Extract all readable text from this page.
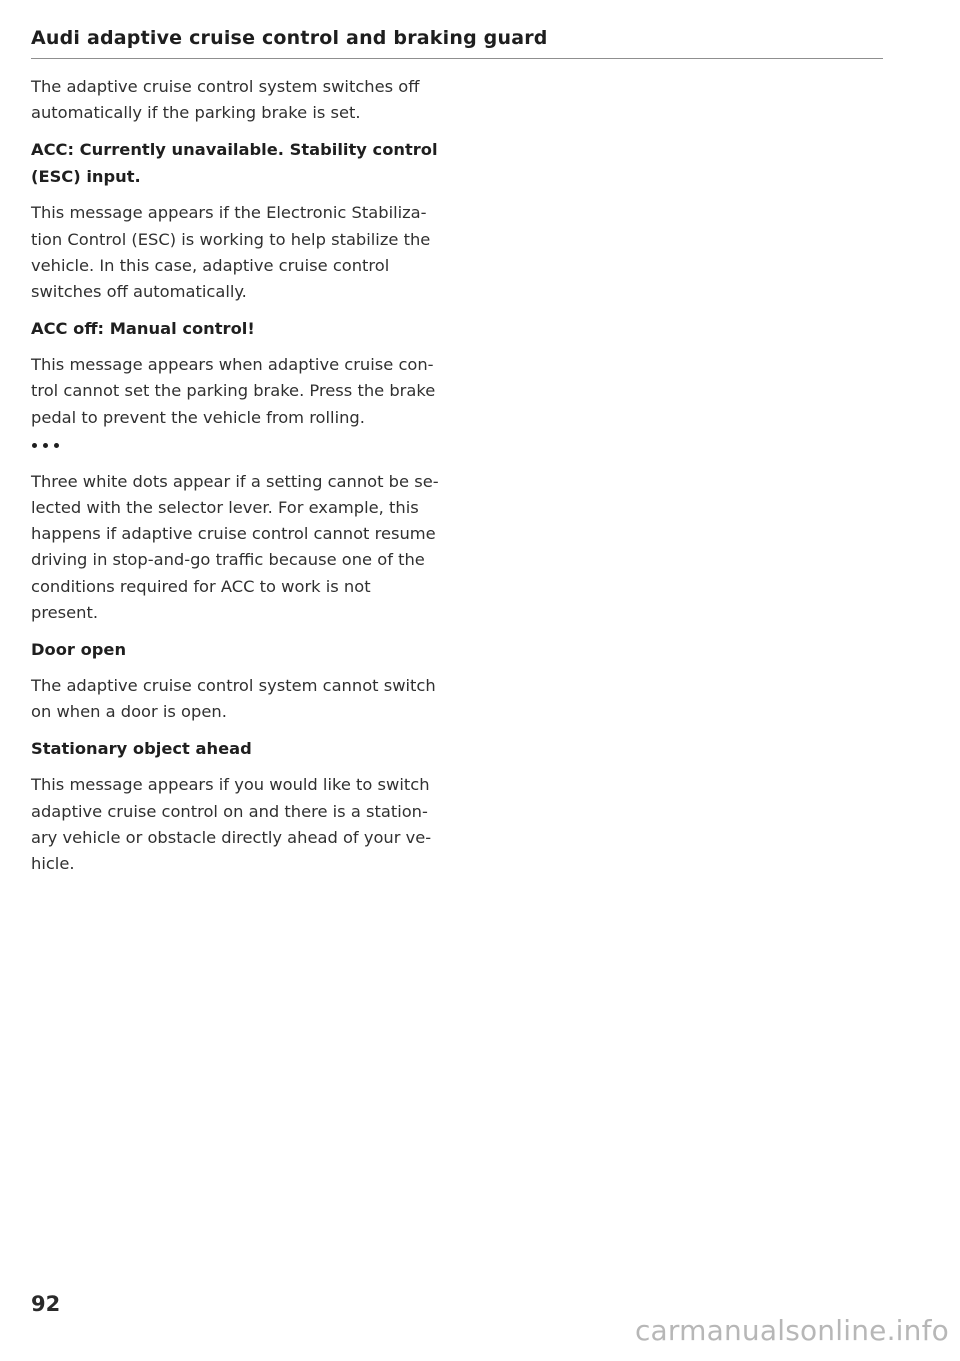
Audi adaptive cruise control and braking guard

The adaptive cruise control system switches off
automatically if the parking brake is set.

ACC: Currently unavailable. Stability control
(ESC) input.

This message appears if the Electronic Stabiliza-
tion Control (ESC) is working to help stabilize the
vehicle. In this case, adaptive cruise control
switches off automatically.

ACC off: Manual control!

This message appears when adaptive cruise con-
trol cannot set the parking brake. Press the brake
pedal to prevent the vehicle from rolling.

Three white dots appear if a setting cannot be se-
lected with the selector lever. For example, this
happens if adaptive cruise control cannot resume
driving in stop-and-go traffic because one of the
conditions required for ACC to work is not
present.

Door open

The adaptive cruise control system cannot switch
on when a door is open.

Stationary object ahead

This message appears if you would like to switch
adaptive cruise control on and there is a station-
ary vehicle or obstacle directly ahead of your ve-
hicle.

92

carmanualsonline.info
